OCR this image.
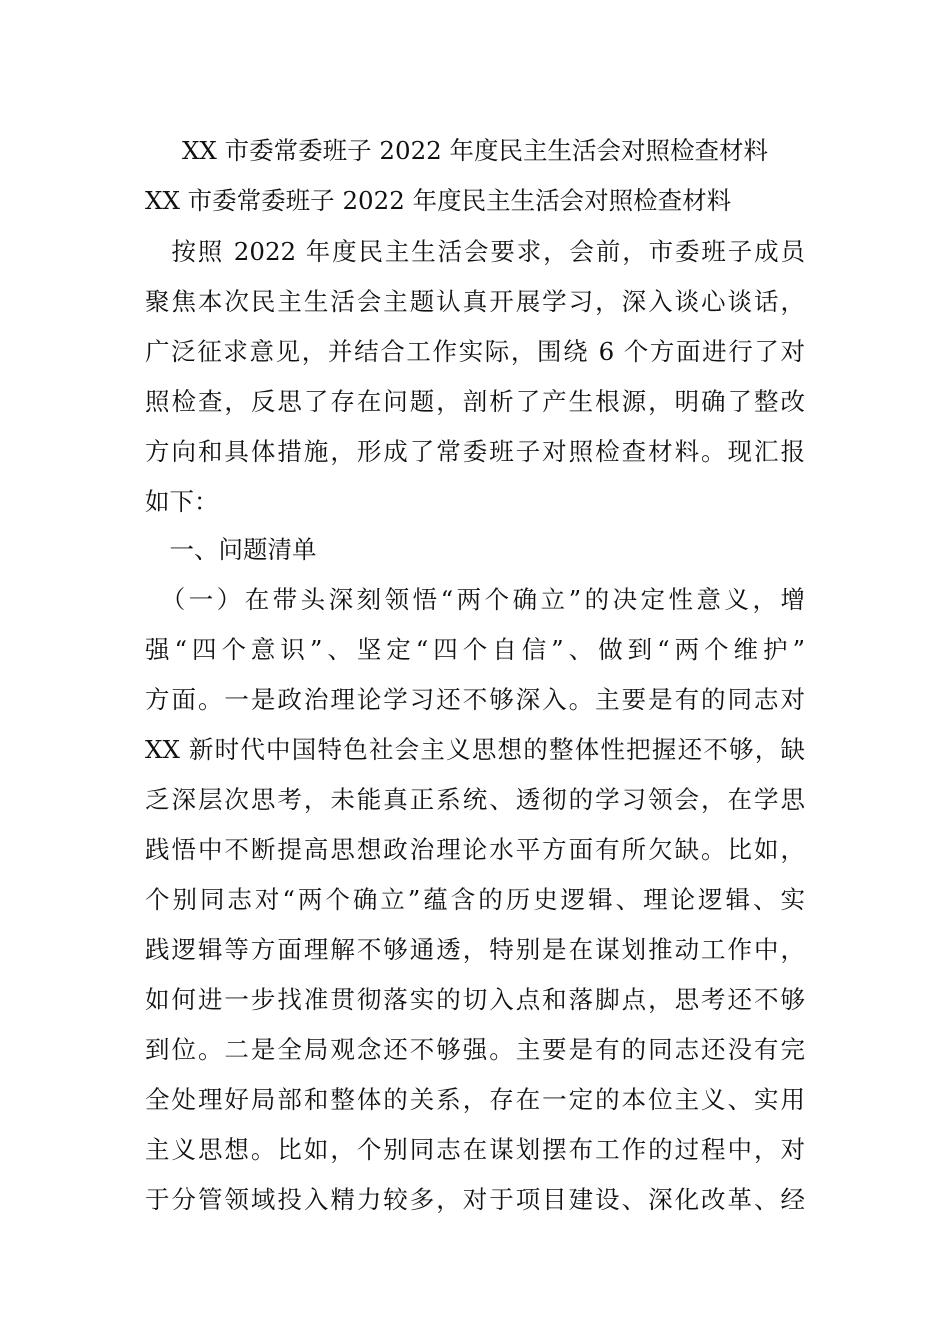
XX 市委常委班子 2022 年度民主生活会对照检查材料
XX 市委常委班子 2022 年度民主生活会对照检查材料
　按照 2022 年度民主生活会要求，会前，市委班子成员
聚焦本次民主生活会主题认真开展学习，深入谈心谈话，
广泛征求意见，并结合工作实际，围绕 6 个方面进行了对
照检查，反思了存在问题，剖析了产生根源，明确了整改
方向和具体措施，形成了常委班子对照检查材料。现汇报
如下：
　一、问题清单
　（一）在带头深刻领悟“两个确立”的决定性意义，增
强“四个意识”、坚定“四个自信”、做到“两个维护”
方面。一是政治理论学习还不够深入。主要是有的同志对
XX 新时代中国特色社会主义思想的整体性把握还不够，缺
乏深层次思考，未能真正系统、透彻的学习领会，在学思
践悟中不断提高思想政治理论水平方面有所欠缺。比如，
个别同志对“两个确立”蕴含的历史逻辑、理论逻辑、实
践逻辑等方面理解不够通透，特别是在谋划推动工作中，
如何进一步找准贯彻落实的切入点和落脚点，思考还不够
到位。二是全局观念还不够强。主要是有的同志还没有完
全处理好局部和整体的关系，存在一定的本位主义、实用
主义思想。比如，个别同志在谋划摆布工作的过程中，对
于分管领域投入精力较多，对于项目建设、深化改革、经
